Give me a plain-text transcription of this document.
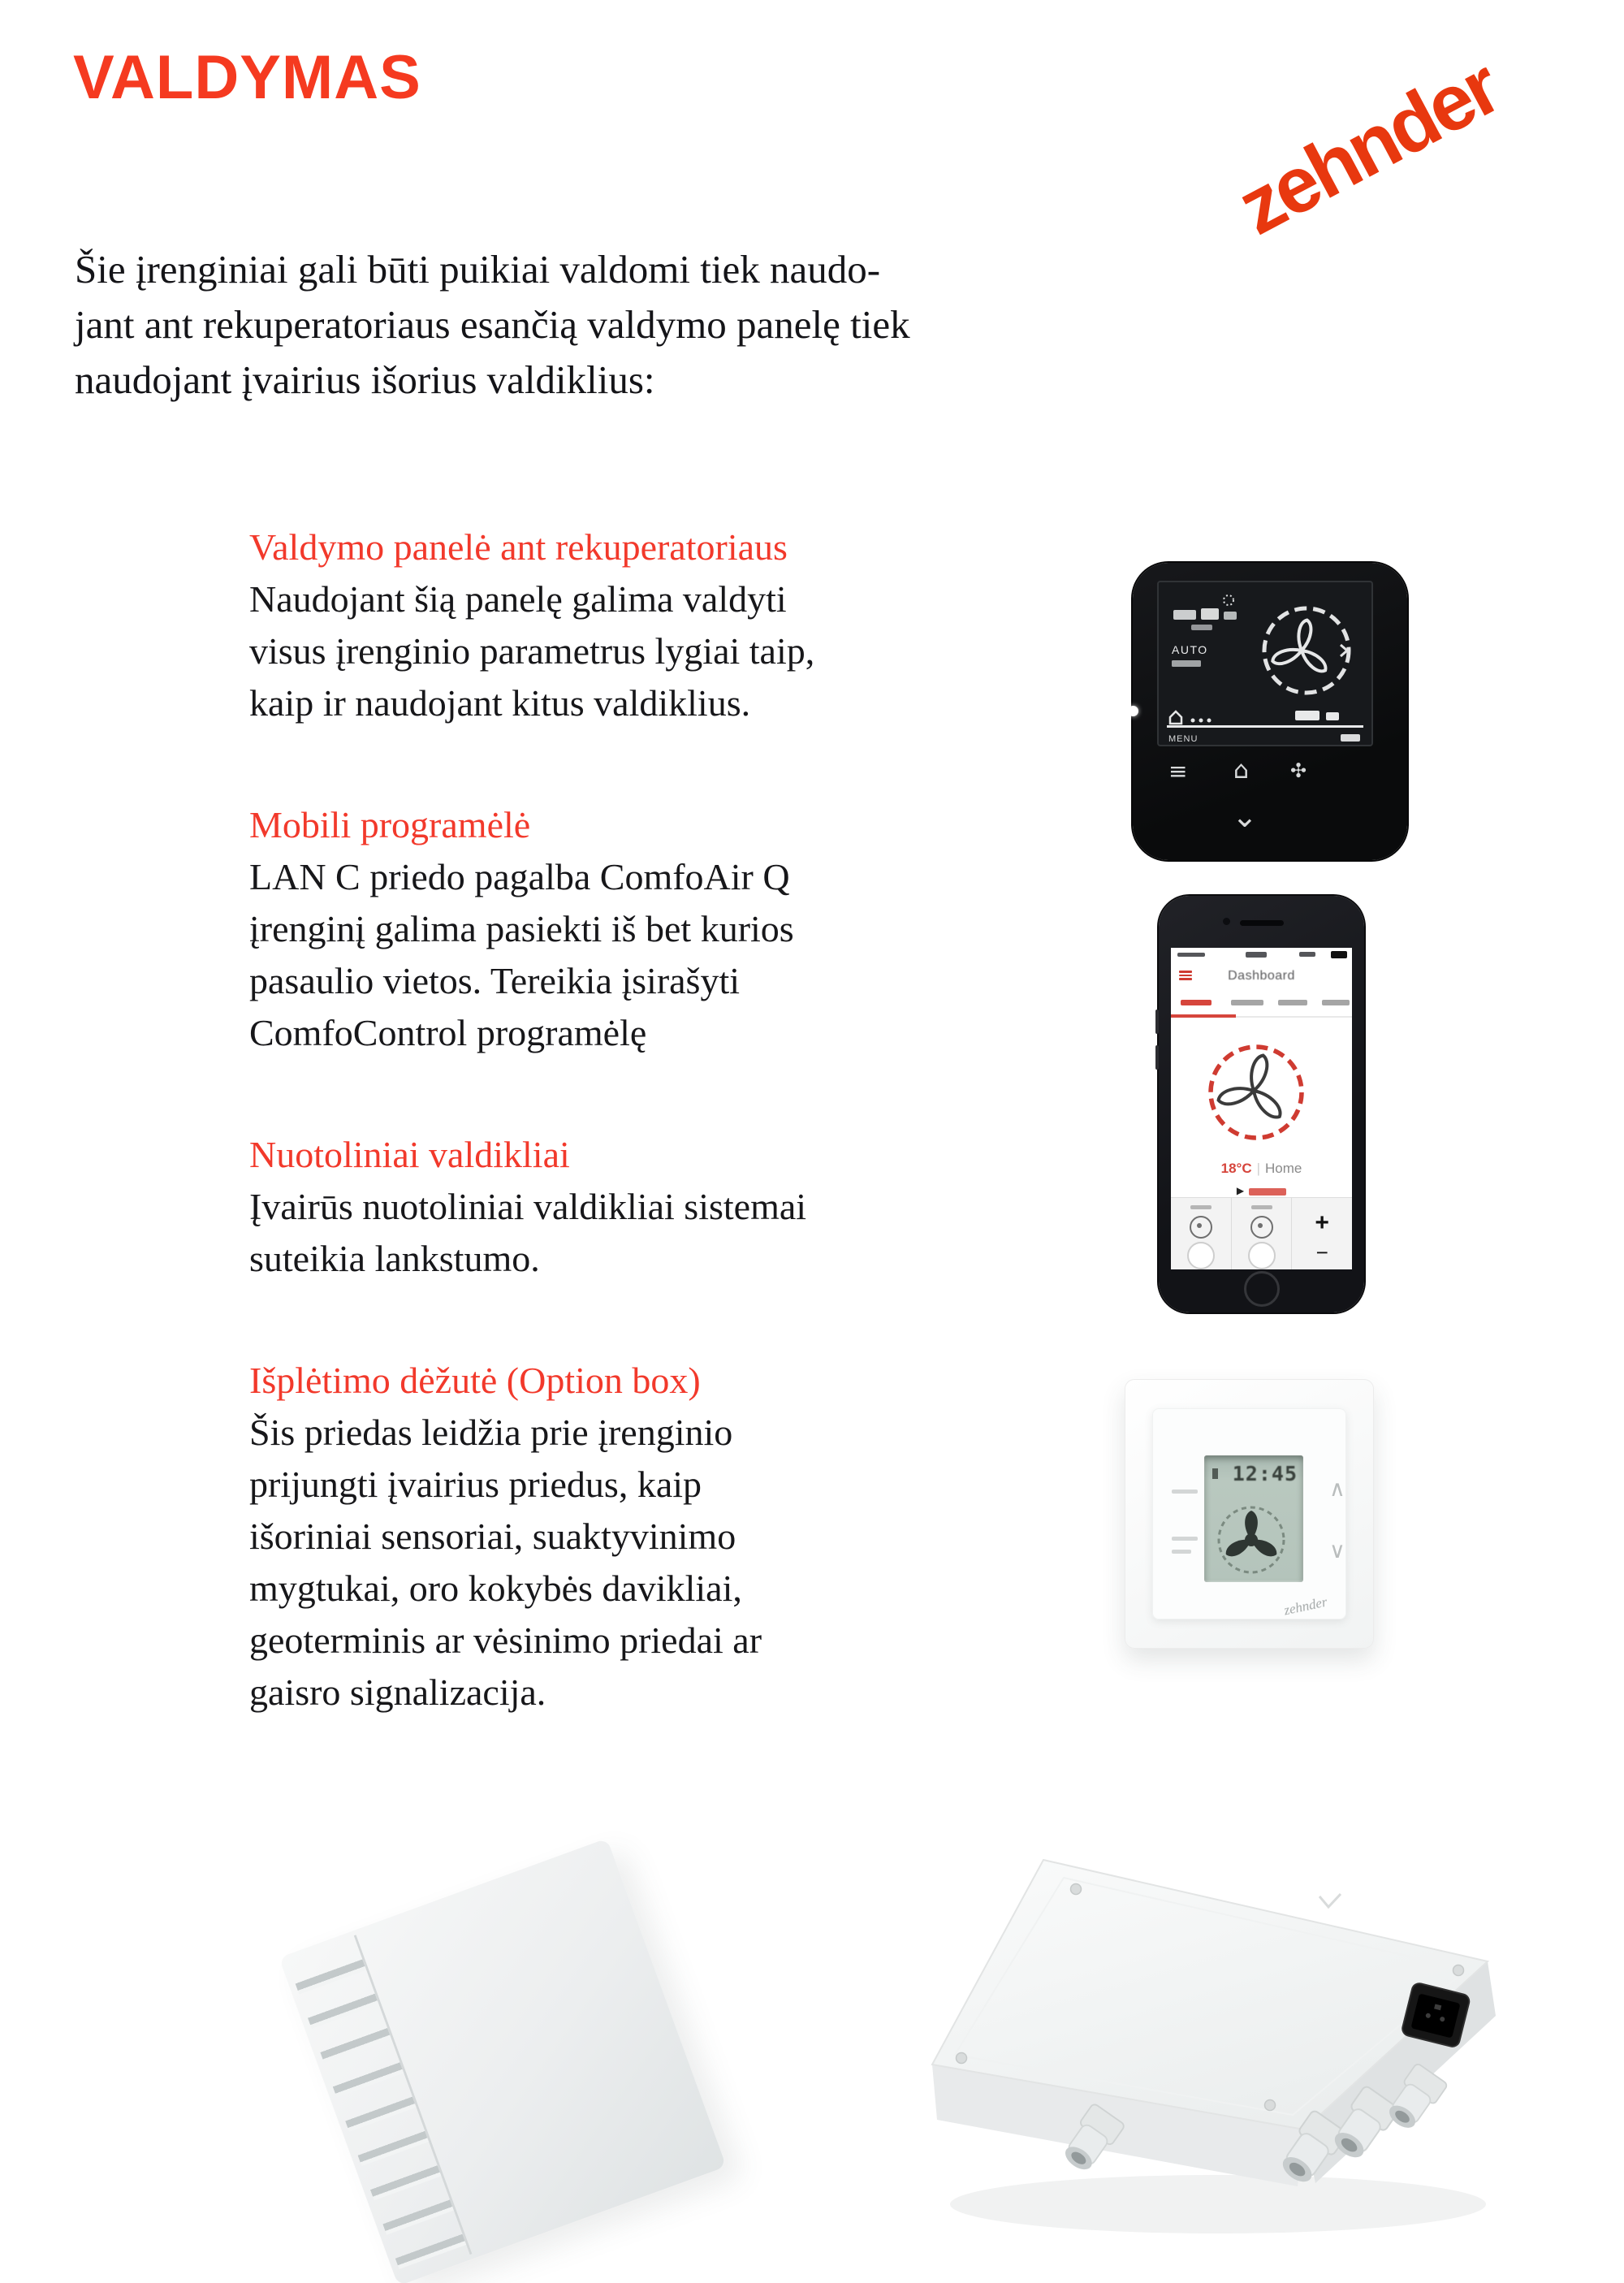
VALDYMAS	zehnder
Šie įrenginiai gali būti puikiai valdomi tiek naudo-
jant ant rekuperatoriaus esančią valdymo panelę tiek
naudojant įvairius išorius valdiklius:
Valdymo panelė ant rekuperatoriaus
Naudojant šią panelę galima valdyti
visus įrenginio parametrus lygiai taip,
kaip ir naudojant kitus valdiklius.
Mobili programėlė
LAN C priedo pagalba ComfoAir Q
įrenginį galima pasiekti iš bet kurios
pasaulio vietos. Tereikia įsirašyti
ComfoControl programėlę
Nuotoliniai valdikliai
Įvairūs nuotoliniai valdikliai sistemai
suteikia lankstumo.
Išplėtimo dėžutė (Option box)
Šis priedas leidžia prie įrenginio
prijungti įvairius priedus, kaip
išoriniai sensoriai, suaktyvinimo
mygtukai, oro kokybės davikliai,
geoterminis ar vėsinimo priedai ar
gaisro signalizacija.
AUTO
MENU
≡ ⌂ ✣
⌄
Dashboard
18°C | Home
▶
+
−
12:45
∧
∨
zehnder
